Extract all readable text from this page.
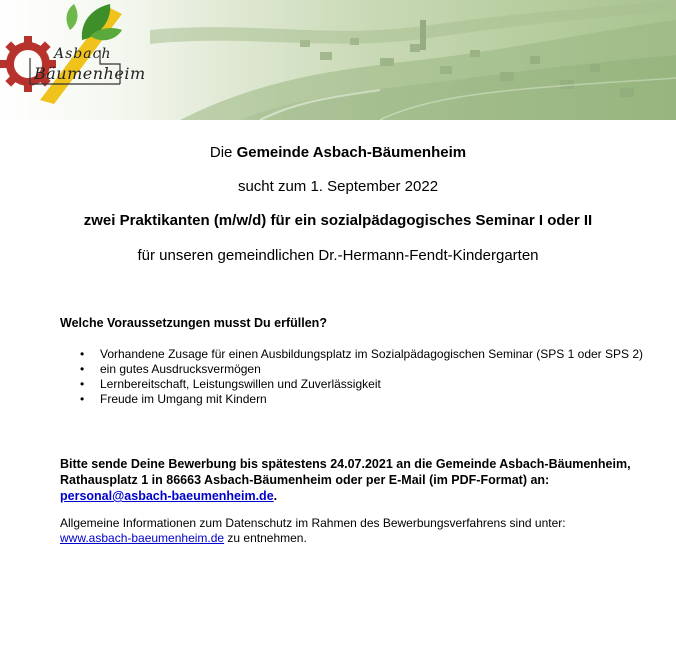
Asbach
Bäumenheim
Die Gemeinde Asbach-Bäumenheim
sucht zum 1. September 2022
zwei Praktikanten (m/w/d) für ein sozialpädagogisches Seminar I oder II
für unseren gemeindlichen Dr.-Hermann-Fendt-Kindergarten
Welche Voraussetzungen musst Du erfüllen?
• Vorhandene Zusage für einen Ausbildungsplatz im Sozialpädagogischen Seminar (SPS 1 oder SPS 2)
• ein gutes Ausdrucksvermögen
• Lernbereitschaft, Leistungswillen und Zuverlässigkeit
• Freude im Umgang mit Kindern
Bitte sende Deine Bewerbung bis spätestens 24.07.2021 an die Gemeinde Asbach-Bäumenheim, Rathausplatz 1 in 86663 Asbach-Bäumenheim oder per E-Mail (im PDF-Format) an: personal@asbach-baeumenheim.de.
Allgemeine Informationen zum Datenschutz im Rahmen des Bewerbungsverfahrens sind unter:
www.asbach-baeumenheim.de zu entnehmen.
